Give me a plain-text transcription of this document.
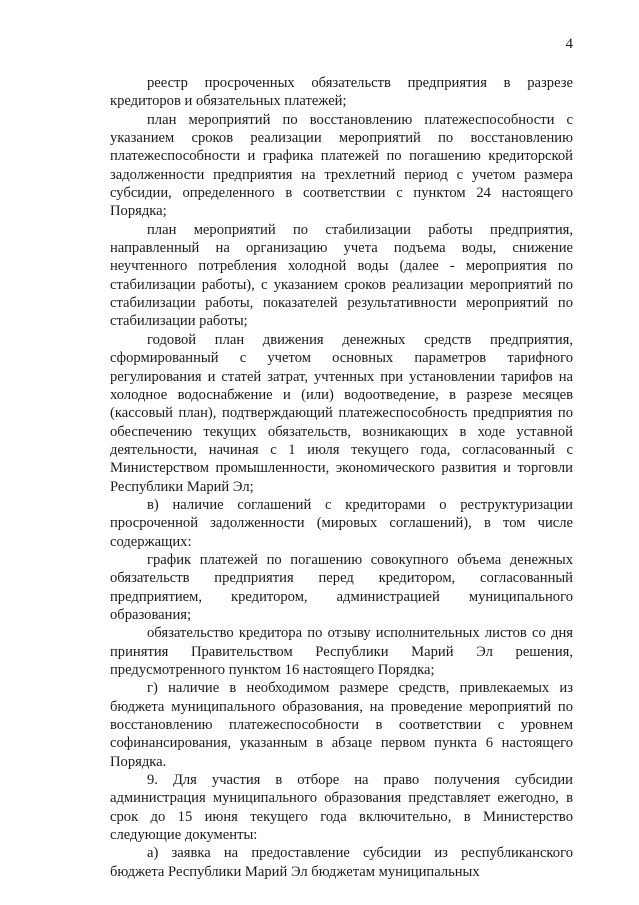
4

реестр просроченных обязательств предприятия в разрезе кредиторов и обязательных платежей;

план мероприятий по восстановлению платежеспособности с указанием сроков реализации мероприятий по восстановлению платежеспособности и графика платежей по погашению кредиторской задолженности предприятия на трехлетний период с учетом размера субсидии, определенного в соответствии с пунктом 24 настоящего Порядка;

план мероприятий по стабилизации работы предприятия, направленный на организацию учета подъема воды, снижение неучтенного потребления холодной воды (далее - мероприятия по стабилизации работы), с указанием сроков реализации мероприятий по стабилизации работы, показателей результативности мероприятий по стабилизации работы;

годовой план движения денежных средств предприятия, сформированный с учетом основных параметров тарифного регулирования и статей затрат, учтенных при установлении тарифов на холодное водоснабжение и (или) водоотведение, в разрезе месяцев (кассовый план), подтверждающий платежеспособность предприятия по обеспечению текущих обязательств, возникающих в ходе уставной деятельности, начиная с 1 июля текущего года, согласованный с Министерством промышленности, экономического развития и торговли Республики Марий Эл;

в) наличие соглашений с кредиторами о реструктуризации просроченной задолженности (мировых соглашений), в том числе содержащих:

график платежей по погашению совокупного объема денежных обязательств предприятия перед кредитором, согласованный предприятием, кредитором, администрацией муниципального образования;

обязательство кредитора по отзыву исполнительных листов со дня принятия Правительством Республики Марий Эл решения, предусмотренного пунктом 16 настоящего Порядка;

г) наличие в необходимом размере средств, привлекаемых из бюджета муниципального образования, на проведение мероприятий по восстановлению платежеспособности в соответствии с уровнем софинансирования, указанным в абзаце первом пункта 6 настоящего Порядка.

9. Для участия в отборе на право получения субсидии администрация муниципального образования представляет ежегодно, в срок до 15 июня текущего года включительно, в Министерство следующие документы:

а) заявка на предоставление субсидии из республиканского бюджета Республики Марий Эл бюджетам муниципальных
